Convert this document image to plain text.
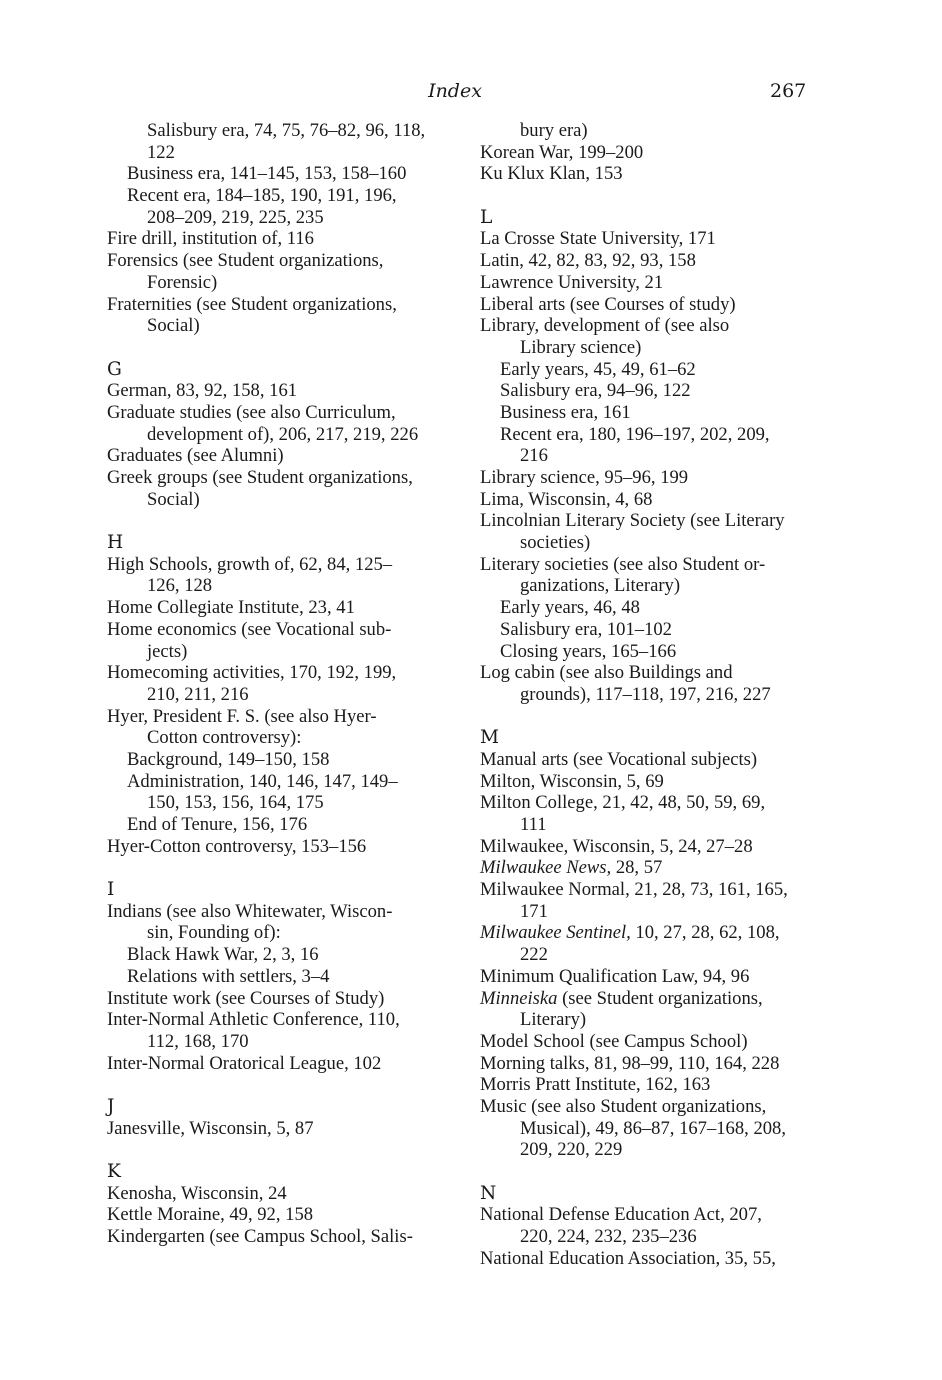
Index	267
Salisbury era, 74, 75, 76–82, 96, 118,
122
Business era, 141–145, 153, 158–160
Recent era, 184–185, 190, 191, 196,
208–209, 219, 225, 235
Fire drill, institution of, 116
Forensics (see Student organizations,
Forensic)
Fraternities (see Student organizations,
Social)
G
German, 83, 92, 158, 161
Graduate studies (see also Curriculum,
development of), 206, 217, 219, 226
Graduates (see Alumni)
Greek groups (see Student organizations,
Social)
H
High Schools, growth of, 62, 84, 125–
126, 128
Home Collegiate Institute, 23, 41
Home economics (see Vocational sub-
jects)
Homecoming activities, 170, 192, 199,
210, 211, 216
Hyer, President F. S. (see also Hyer-
Cotton controversy):
Background, 149–150, 158
Administration, 140, 146, 147, 149–
150, 153, 156, 164, 175
End of Tenure, 156, 176
Hyer-Cotton controversy, 153–156
I
Indians (see also Whitewater, Wiscon-
sin, Founding of):
Black Hawk War, 2, 3, 16
Relations with settlers, 3–4
Institute work (see Courses of Study)
Inter-Normal Athletic Conference, 110,
112, 168, 170
Inter-Normal Oratorical League, 102
J
Janesville, Wisconsin, 5, 87
K
Kenosha, Wisconsin, 24
Kettle Moraine, 49, 92, 158
Kindergarten (see Campus School, Salis-
bury era)
Korean War, 199–200
Ku Klux Klan, 153
L
La Crosse State University, 171
Latin, 42, 82, 83, 92, 93, 158
Lawrence University, 21
Liberal arts (see Courses of study)
Library, development of (see also
Library science)
Early years, 45, 49, 61–62
Salisbury era, 94–96, 122
Business era, 161
Recent era, 180, 196–197, 202, 209,
216
Library science, 95–96, 199
Lima, Wisconsin, 4, 68
Lincolnian Literary Society (see Literary
societies)
Literary societies (see also Student or-
ganizations, Literary)
Early years, 46, 48
Salisbury era, 101–102
Closing years, 165–166
Log cabin (see also Buildings and
grounds), 117–118, 197, 216, 227
M
Manual arts (see Vocational subjects)
Milton, Wisconsin, 5, 69
Milton College, 21, 42, 48, 50, 59, 69,
111
Milwaukee, Wisconsin, 5, 24, 27–28
Milwaukee News, 28, 57
Milwaukee Normal, 21, 28, 73, 161, 165,
171
Milwaukee Sentinel, 10, 27, 28, 62, 108,
222
Minimum Qualification Law, 94, 96
Minneiska (see Student organizations,
Literary)
Model School (see Campus School)
Morning talks, 81, 98–99, 110, 164, 228
Morris Pratt Institute, 162, 163
Music (see also Student organizations,
Musical), 49, 86–87, 167–168, 208,
209, 220, 229
N
National Defense Education Act, 207,
220, 224, 232, 235–236
National Education Association, 35, 55,
